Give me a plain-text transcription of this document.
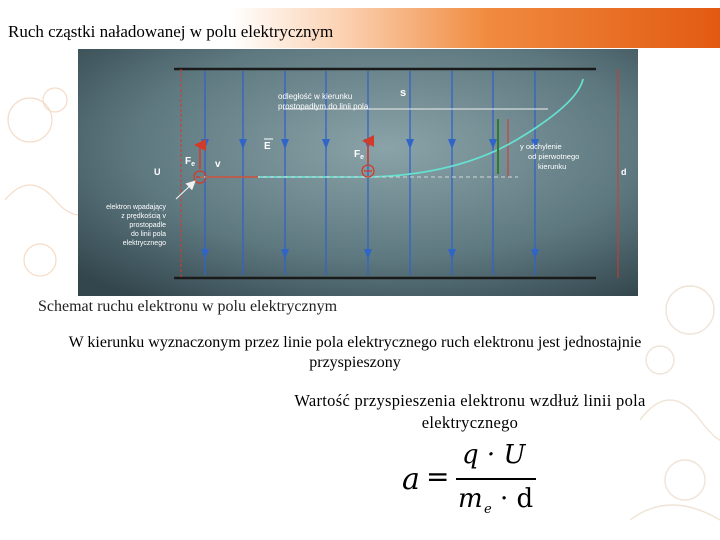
Ruch cząstki naładowanej w polu elektrycznym
odległość w kierunku
prostopadłym do linii pola
s
E
$F_e$
$F_e$
v
U	d
y odchylenie
od pierwotnego
kierunku
elektron wpadający
z prędkością v
prostopadle
do linii pola
elektrycznego
Schemat ruchu elektronu w polu elektrycznym
W kierunku wyznaczonym przez linie pola elektrycznego ruch elektronu jest jednostajnie przyspieszony
Wartość przyspieszenia elektronu wzdłuż linii pola elektrycznego
a =
q · U
m e · d
